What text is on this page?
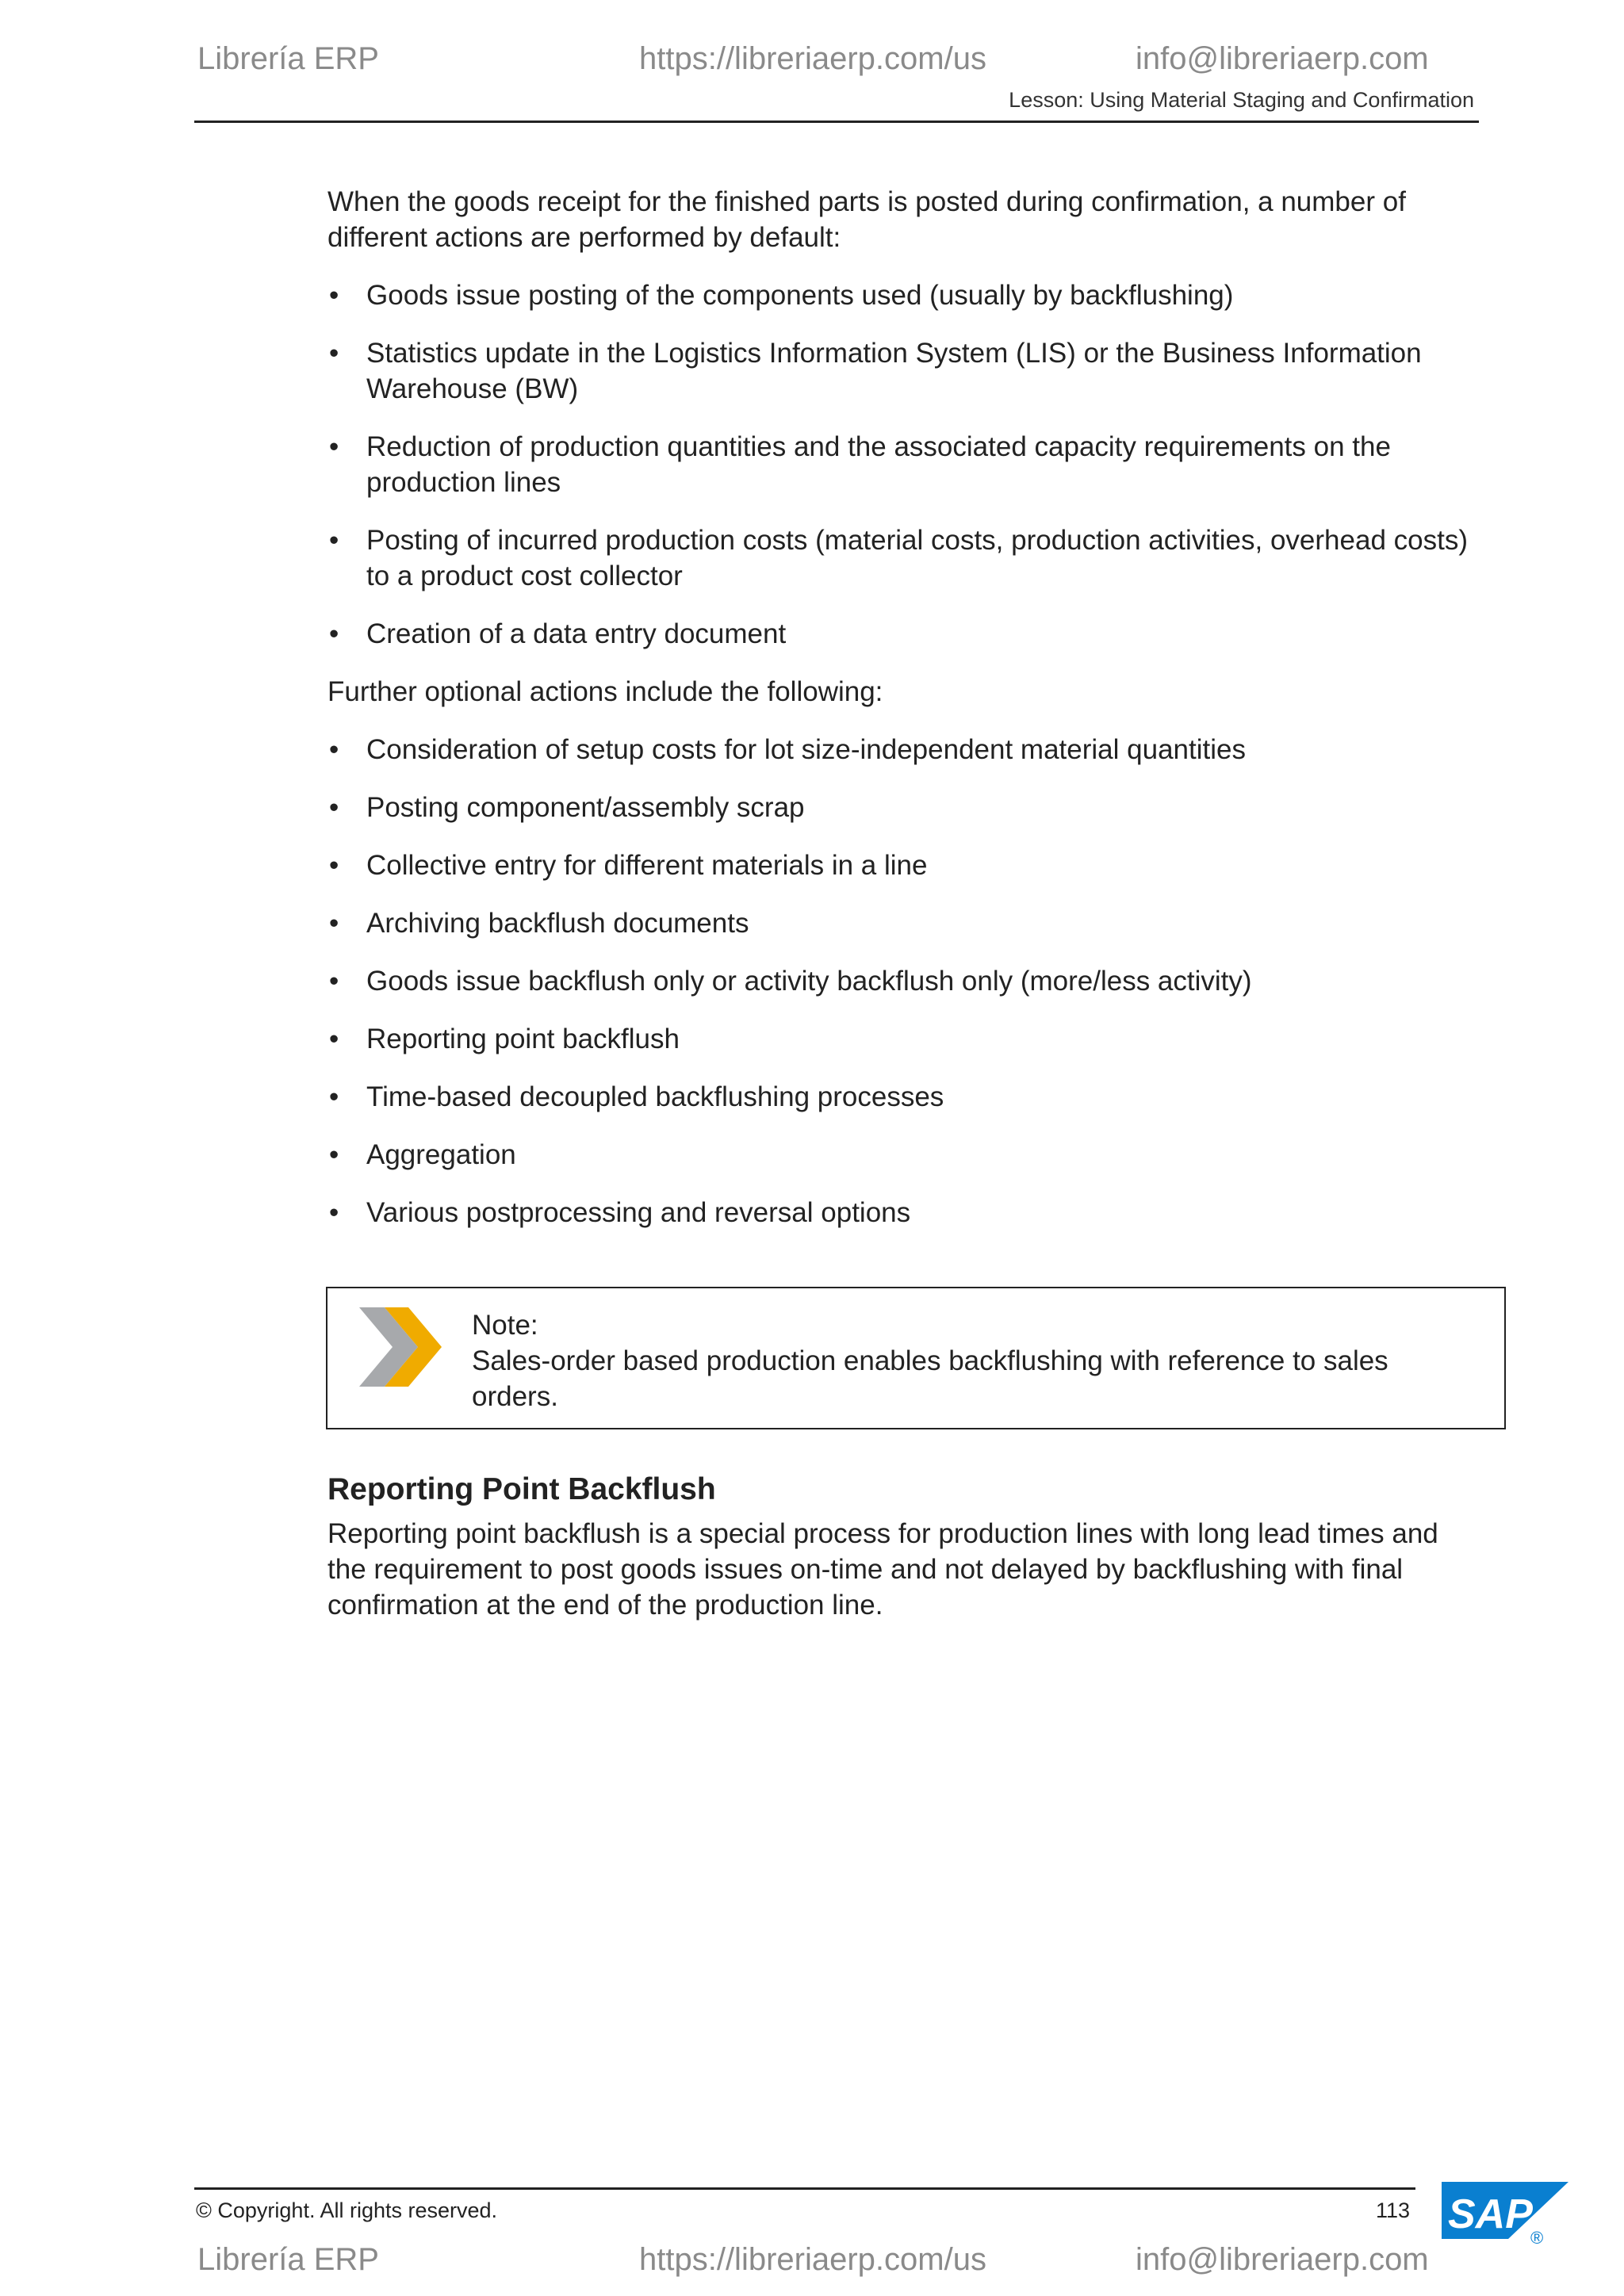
Librería ERP	https://libreriaerp.com/us	info@libreriaerp.com
Lesson: Using Material Staging and Confirmation

When the goods receipt for the finished parts is posted during confirmation, a number of different actions are performed by default:

• Goods issue posting of the components used (usually by backflushing)
• Statistics update in the Logistics Information System (LIS) or the Business Information Warehouse (BW)
• Reduction of production quantities and the associated capacity requirements on the production lines
• Posting of incurred production costs (material costs, production activities, overhead costs) to a product cost collector
• Creation of a data entry document

Further optional actions include the following:

• Consideration of setup costs for lot size-independent material quantities
• Posting component/assembly scrap
• Collective entry for different materials in a line
• Archiving backflush documents
• Goods issue backflush only or activity backflush only (more/less activity)
• Reporting point backflush
• Time-based decoupled backflushing processes
• Aggregation
• Various postprocessing and reversal options
Note:
Sales-order based production enables backflushing with reference to sales orders.
Reporting Point Backflush
Reporting point backflush is a special process for production lines with long lead times and the requirement to post goods issues on-time and not delayed by backflushing with final confirmation at the end of the production line.
© Copyright. All rights reserved.	113 SAP
®
Librería ERP	https://libreriaerp.com/us	info@libreriaerp.com
